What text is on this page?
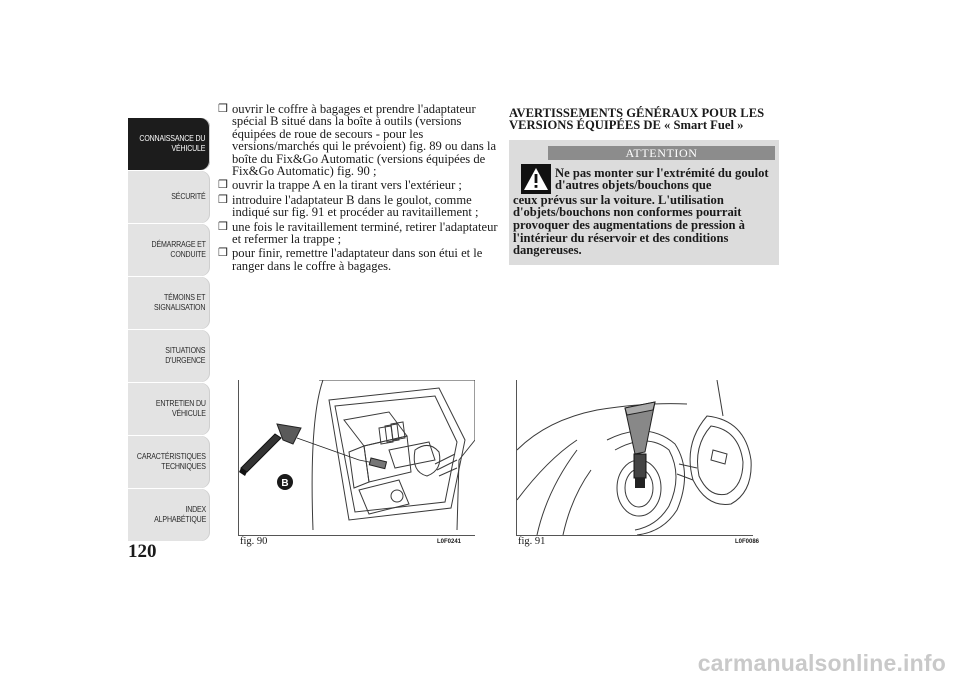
CONNAISSANCE DU
VÉHICULE
SÉCURITÉ
DÉMARRAGE ET
CONDUITE
TÉMOINS ET
SIGNALISATION
SITUATIONS
D'URGENCE
ENTRETIEN DU
VÉHICULE
CARACTÉRISTIQUES
TECHNIQUES
INDEX
ALPHABÉTIQUE
120
❒ ouvrir le coffre à bagages et prendre l'adaptateur spécial B situé dans la boîte à outils (versions équipées de roue de secours - pour les versions/marchés qui le prévoient) fig. 89 ou dans la boîte du Fix&Go Automatic (versions équipées de Fix&Go Automatic) fig. 90 ;
❒ ouvrir la trappe A en la tirant vers l'extérieur ;
❒ introduire l'adaptateur B dans le goulot, comme indiqué sur fig. 91 et procéder au ravitaillement ;
❒ une fois le ravitaillement terminé, retirer l'adaptateur et refermer la trappe ;
❒ pour finir, remettre l'adaptateur dans son étui et le ranger dans le coffre à bagages.
AVERTISSEMENTS GÉNÉRAUX POUR LES VERSIONS ÉQUIPÉES DE « Smart Fuel »
ATTENTION
Ne pas monter sur l'extrémité du goulot d'autres objets/bouchons que
ceux prévus sur la voiture. L'utilisation d'objets/bouchons non conformes pourrait provoquer des augmentations de pression à l'intérieur du réservoir et des conditions dangereuses.
B
fig. 90	L0F0241	fig. 91	L0F0086
carmanualsonline.info
